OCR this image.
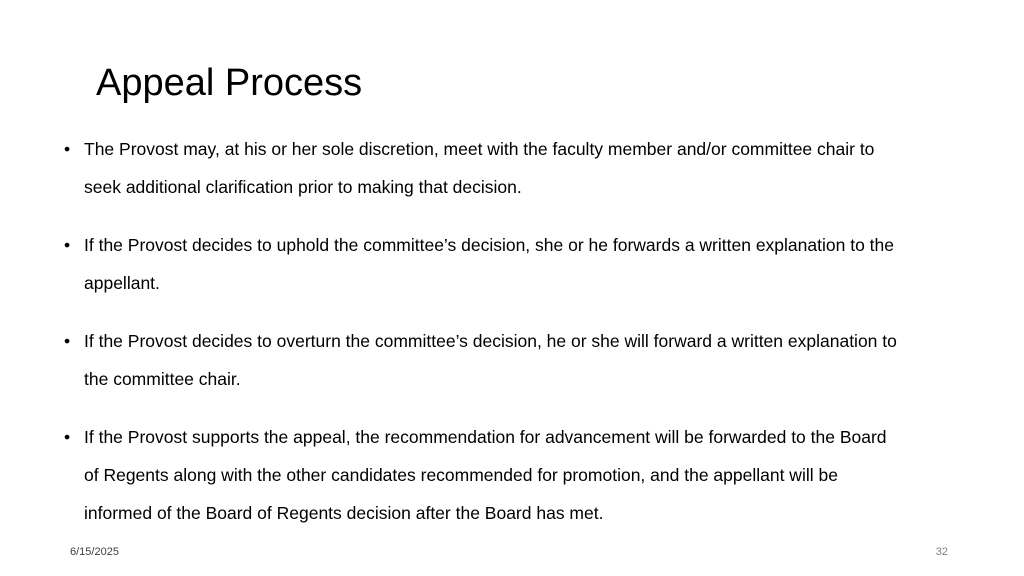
Appeal Process
• The Provost may, at his or her sole discretion, meet with the faculty member and/or committee chair to seek additional clarification prior to making that decision.
• If the Provost decides to uphold the committee’s decision, she or he forwards a written explanation to the appellant.
• If the Provost decides to overturn the committee’s decision, he or she will forward a written explanation to the committee chair.
• If the Provost supports the appeal, the recommendation for advancement will be forwarded to the Board of Regents along with the other candidates recommended for promotion, and the appellant will be informed of the Board of Regents decision after the Board has met.
6/15/2025	32
